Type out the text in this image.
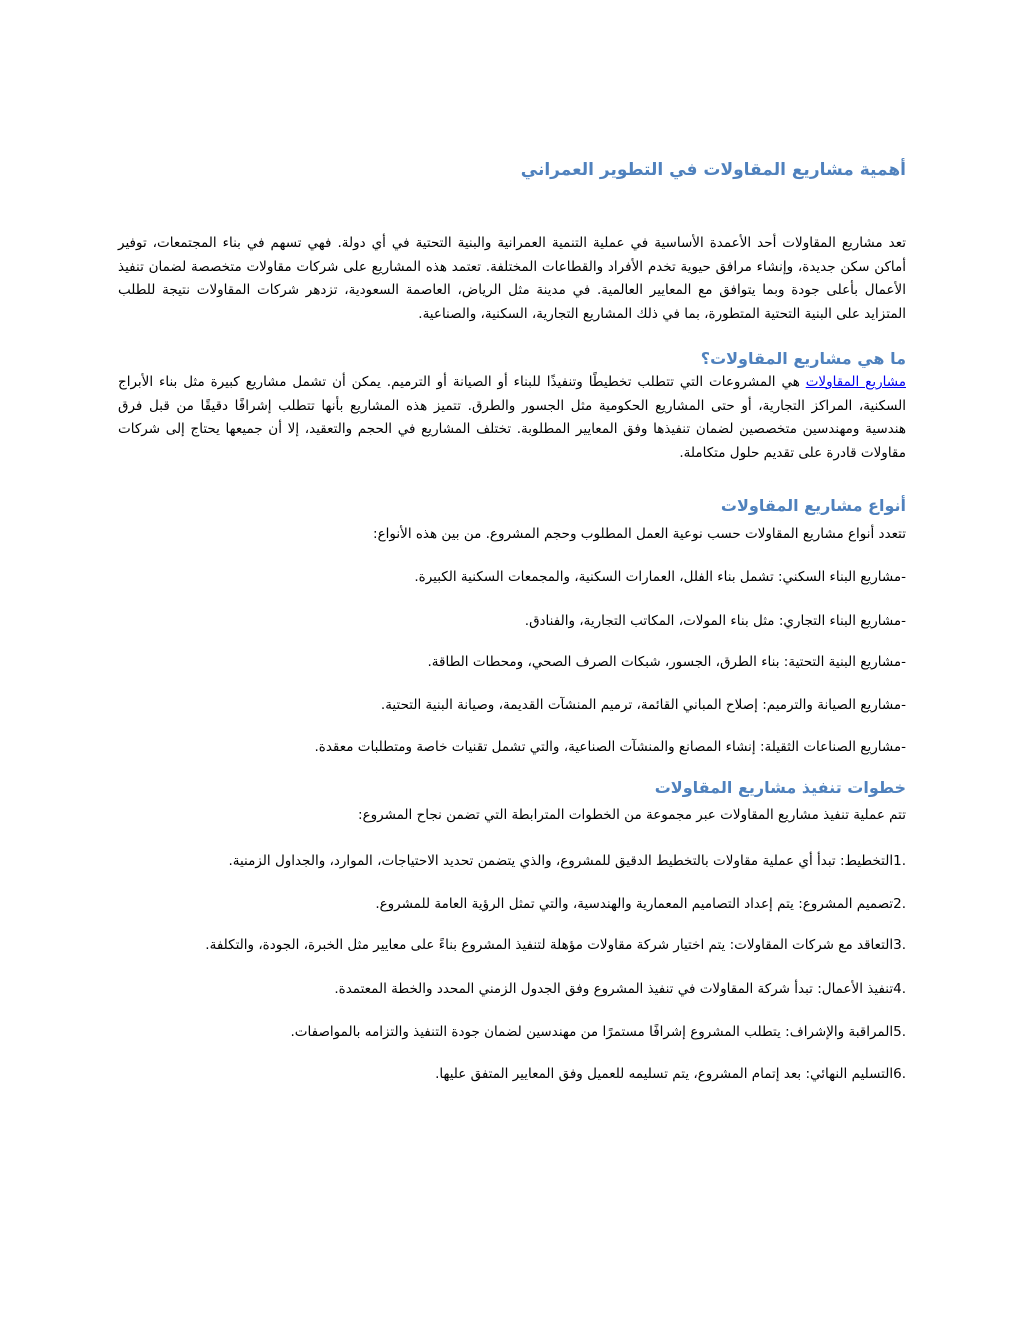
أهمية مشاريع المقاولات في التطوير العمراني

تعد مشاريع المقاولات أحد الأعمدة الأساسية في عملية التنمية العمرانية والبنية التحتية في أي دولة. فهي تسهم في بناء المجتمعات، توفير أماكن سكن جديدة، وإنشاء مرافق حيوية تخدم الأفراد والقطاعات المختلفة. تعتمد هذه المشاريع على شركات مقاولات متخصصة لضمان تنفيذ الأعمال بأعلى جودة وبما يتوافق مع المعايير العالمية. في مدينة مثل الرياض، العاصمة السعودية، تزدهر شركات المقاولات نتيجة للطلب المتزايد على البنية التحتية المتطورة، بما في ذلك المشاريع التجارية، السكنية، والصناعية.

ما هي مشاريع المقاولات؟

مشاريع المقاولات هي المشروعات التي تتطلب تخطيطًا وتنفيذًا للبناء أو الصيانة أو الترميم. يمكن أن تشمل مشاريع كبيرة مثل بناء الأبراج السكنية، المراكز التجارية، أو حتى المشاريع الحكومية مثل الجسور والطرق. تتميز هذه المشاريع بأنها تتطلب إشرافًا دقيقًا من قبل فرق هندسية ومهندسين متخصصين لضمان تنفيذها وفق المعايير المطلوبة. تختلف المشاريع في الحجم والتعقيد، إلا أن جميعها يحتاج إلى شركات مقاولات قادرة على تقديم حلول متكاملة.

أنواع مشاريع المقاولات

تتعدد أنواع مشاريع المقاولات حسب نوعية العمل المطلوب وحجم المشروع. من بين هذه الأنواع:

-مشاريع البناء السكني: تشمل بناء الفلل، العمارات السكنية، والمجمعات السكنية الكبيرة.

-مشاريع البناء التجاري: مثل بناء المولات، المكاتب التجارية، والفنادق.

-مشاريع البنية التحتية: بناء الطرق، الجسور، شبكات الصرف الصحي، ومحطات الطاقة.

-مشاريع الصيانة والترميم: إصلاح المباني القائمة، ترميم المنشآت القديمة، وصيانة البنية التحتية.

-مشاريع الصناعات الثقيلة: إنشاء المصانع والمنشآت الصناعية، والتي تشمل تقنيات خاصة ومتطلبات معقدة.

خطوات تنفيذ مشاريع المقاولات

تتم عملية تنفيذ مشاريع المقاولات عبر مجموعة من الخطوات المترابطة التي تضمن نجاح المشروع:

.1التخطيط: تبدأ أي عملية مقاولات بالتخطيط الدقيق للمشروع، والذي يتضمن تحديد الاحتياجات، الموارد، والجداول الزمنية.

.2تصميم المشروع: يتم إعداد التصاميم المعمارية والهندسية، والتي تمثل الرؤية العامة للمشروع.

.3التعاقد مع شركات المقاولات: يتم اختيار شركة مقاولات مؤهلة لتنفيذ المشروع بناءً على معايير مثل الخبرة، الجودة، والتكلفة.

.4تنفيذ الأعمال: تبدأ شركة المقاولات في تنفيذ المشروع وفق الجدول الزمني المحدد والخطة المعتمدة.

.5المراقبة والإشراف: يتطلب المشروع إشرافًا مستمرًا من مهندسين لضمان جودة التنفيذ والتزامه بالمواصفات.

.6التسليم النهائي: بعد إتمام المشروع، يتم تسليمه للعميل وفق المعايير المتفق عليها.
